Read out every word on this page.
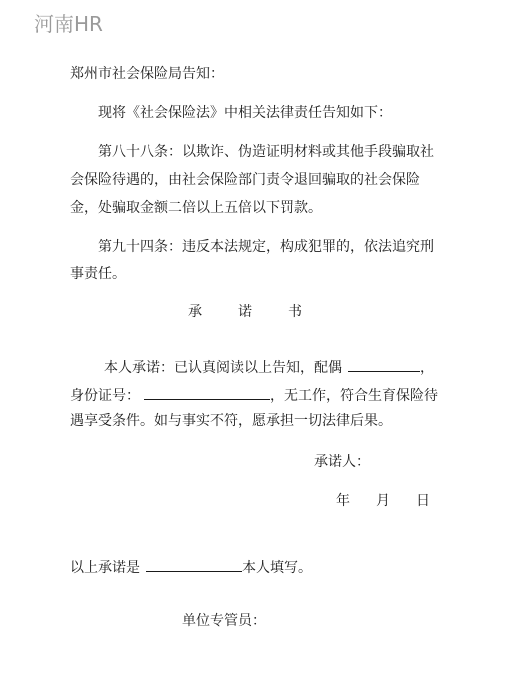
河南HR
郑州市社会保险局告知：
现将《社会保险法》中相关法律责任告知如下：
第八十八条：以欺诈、伪造证明材料或其他手段骗取社
会保险待遇的，由社会保险部门责令退回骗取的社会保险
金，处骗取金额二倍以上五倍以下罚款。
第九十四条：违反本法规定，构成犯罪的，依法追究刑
事责任。
承	诺	书
本人承诺：已认真阅读以上告知，配偶	，
身份证号：	，无工作，符合生育保险待
遇享受条件。如与事实不符，愿承担一切法律后果。
承诺人：
年 月 日
以上承诺是	本人填写。
单位专管员：
